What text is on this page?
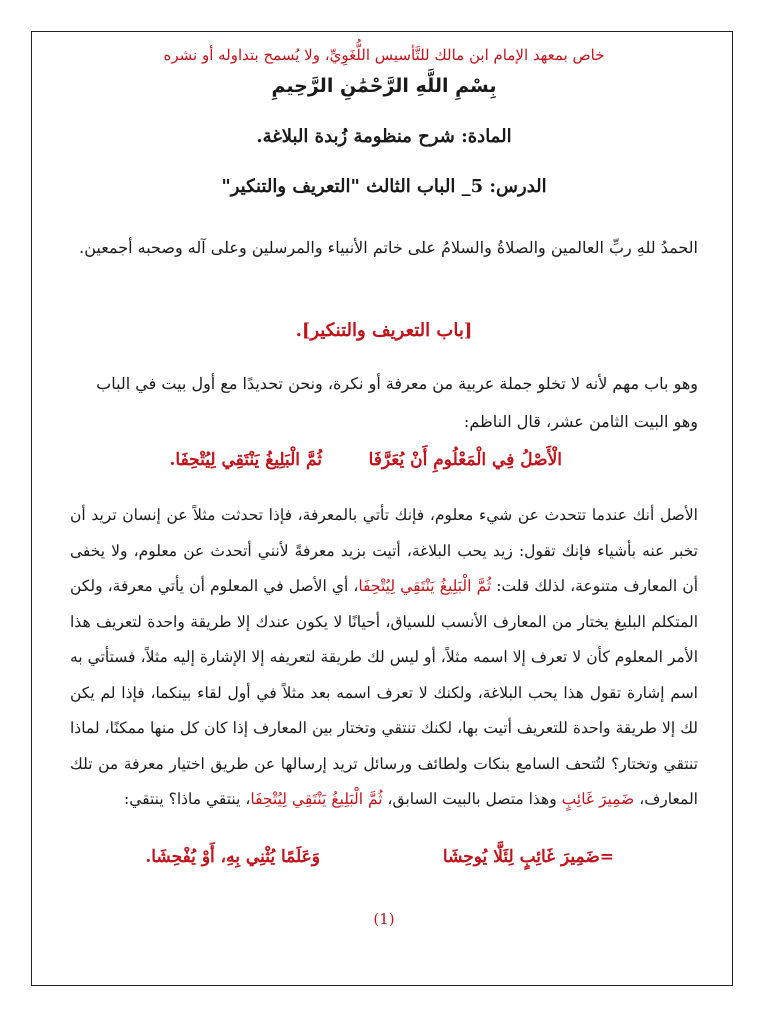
خاص بمعهد الإمام ابن مالك للتَّأسيس اللُّغَوِيِّ، ولا يُسمح بتداوله أو نشره
بِسْمِ اللَّهِ الرَّحْمَٰنِ الرَّحِيمِ
المادة: شرح منظومة زُبدة البلاغة.
الدرس: 5_ الباب الثالث "التعريف والتنكير"
الحمدُ للهِ ربِّ العالمين والصلاةُ والسلامُ على خاتم الأنبياء والمرسلين وعلى آله وصحبه أجمعين.
[باب التعريف والتنكير].
وهو باب مهم لأنه لا تخلو جملة عربية من معرفة أو نكرة، ونحن تحديدًا مع أول بيت في الباب وهو البيت الثامن عشر، قال الناظم:
الْأَصْلُ فِي الْمَعْلُومِ أَنْ يُعَرَّفَا
ثُمَّ الْبَلِيغُ يَنْتَقِي لِيُتْحِفَا.
الأصل أنك عندما تتحدث عن شيء معلوم، فإنك تأتي بالمعرفة، فإذا تحدثت مثلاً عن إنسان تريد أن تخبر عنه بأشياء فإنك تقول: زيد يحب البلاغة، أتيت بزيد معرفةً لأنني أتحدث عن معلوم، ولا يخفى أن المعارف متنوعة، لذلك قلت: ثُمَّ الْبَلِيغُ يَنْتَقِي لِيُتْحِفَا، أي الأصل في المعلوم أن يأتي معرفة، ولكن المتكلم البليغ يختار من المعارف الأنسب للسياق، أحيانًا لا يكون عندك إلا طريقة واحدة لتعريف هذا الأمر المعلوم كأن لا تعرف إلا اسمه مثلاً، أو ليس لك طريقة لتعريفه إلا الإشارة إليه مثلاً، فستأتي به اسم إشارة تقول هذا يحب البلاغة، ولكنك لا تعرف اسمه بعد مثلاً في أول لقاء بينكما، فإذا لم يكن لك إلا طريقة واحدة للتعريف أتيت بها، لكنك تنتقي وتختار بين المعارف إذا كان كل منها ممكنًا، لماذا تنتقي وتختار؟ لتُتحف السامع بنكات ولطائف ورسائل تريد إرسالها عن طريق اختيار معرفة من تلك المعارف، ضَمِيرَ غَائِبٍ وهذا متصل بالبيت السابق، ثُمَّ الْبَلِيغُ يَنْتَقِي لِيُتْحِفَا، ينتقي ماذا؟ ينتقي:
=ضَمِيرَ غَائِبٍ لِئَلَّا يُوحِشَا
وَعَلَمًا يُثْنِي بِهِ، أَوْ يُفْحِشَا.
(1)
